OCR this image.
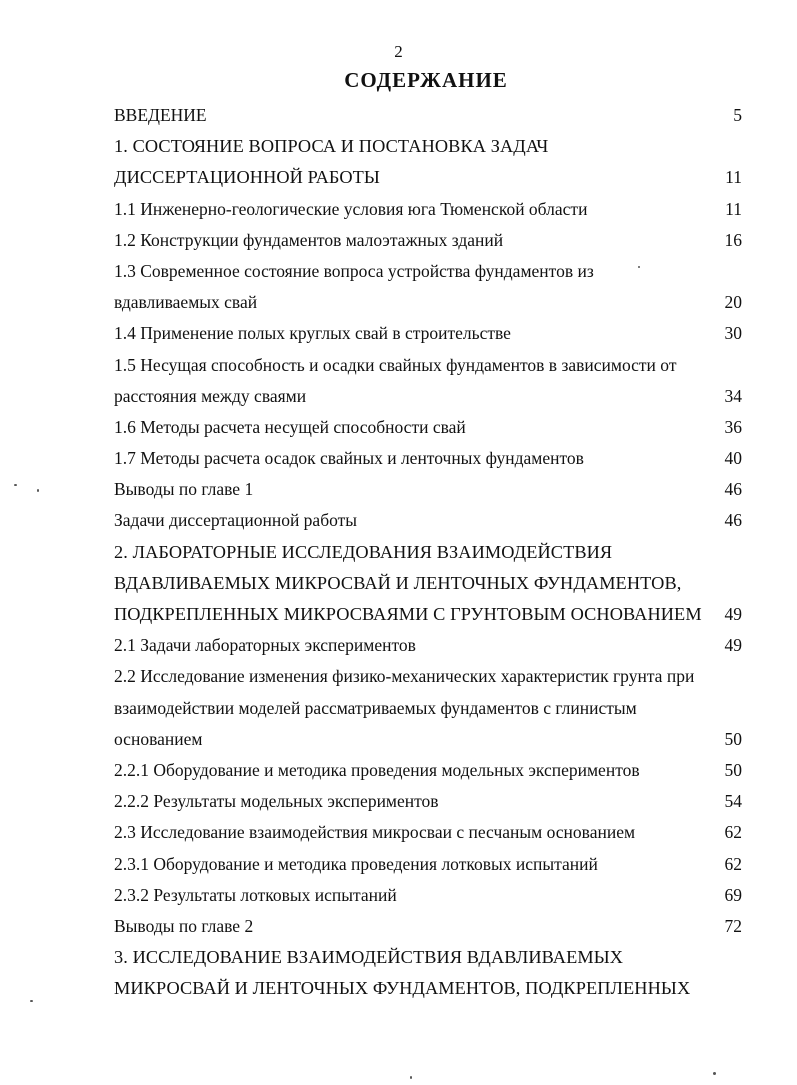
2
СОДЕРЖАНИЕ
ВВЕДЕНИЕ	5
1. СОСТОЯНИЕ ВОПРОСА И ПОСТАНОВКА ЗАДАЧ
ДИССЕРТАЦИОННОЙ РАБОТЫ	11
1.1 Инженерно-геологические условия юга Тюменской области	11
1.2 Конструкции фундаментов малоэтажных зданий	16
1.3 Современное состояние вопроса устройства фундаментов из
вдавливаемых свай	20
1.4 Применение полых круглых свай в строительстве	30
1.5 Несущая способность и осадки свайных фундаментов в зависимости от
расстояния между сваями	34
1.6 Методы расчета несущей способности свай	36
1.7 Методы расчета осадок свайных и ленточных фундаментов	40
Выводы по главе 1	46
Задачи диссертационной работы	46
2. ЛАБОРАТОРНЫЕ ИССЛЕДОВАНИЯ ВЗАИМОДЕЙСТВИЯ
ВДАВЛИВАЕМЫХ МИКРОСВАЙ И ЛЕНТОЧНЫХ ФУНДАМЕНТОВ,
ПОДКРЕПЛЕННЫХ МИКРОСВАЯМИ С ГРУНТОВЫМ ОСНОВАНИЕМ 49
2.1 Задачи лабораторных экспериментов	49
2.2 Исследование изменения физико-механических характеристик грунта при
взаимодействии моделей рассматриваемых фундаментов с глинистым
основанием	50
2.2.1 Оборудование и методика проведения модельных экспериментов	50
2.2.2 Результаты модельных экспериментов	54
2.3 Исследование взаимодействия микросваи с песчаным основанием	62
2.3.1 Оборудование и методика проведения лотковых испытаний	62
2.3.2 Результаты лотковых испытаний	69
Выводы по главе 2	72
3. ИССЛЕДОВАНИЕ ВЗАИМОДЕЙСТВИЯ ВДАВЛИВАЕМЫХ
МИКРОСВАЙ И ЛЕНТОЧНЫХ ФУНДАМЕНТОВ, ПОДКРЕПЛЕННЫХ
